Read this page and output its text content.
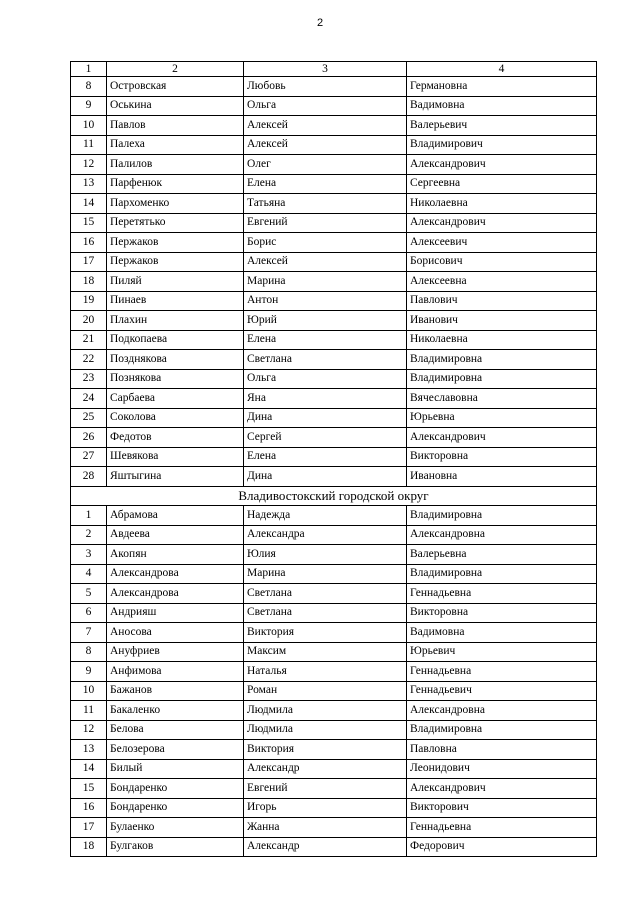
2
1	2	3	4
8	Островская	Любовь	Германовна
9	Оськина	Ольга	Вадимовна
10	Павлов	Алексей	Валерьевич
11	Палеха	Алексей	Владимирович
12	Палилов	Олег	Александрович
13	Парфенюк	Елена	Сергеевна
14	Пархоменко	Татьяна	Николаевна
15	Перетятько	Евгений	Александрович
16	Пержаков	Борис	Алексеевич
17	Пержаков	Алексей	Борисович
18	Пиляй	Марина	Алексеевна
19	Пинаев	Антон	Павлович
20	Плахин	Юрий	Иванович
21	Подкопаева	Елена	Николаевна
22	Позднякова	Светлана	Владимировна
23	Познякова	Ольга	Владимировна
24	Сарбаева	Яна	Вячеславовна
25	Соколова	Дина	Юрьевна
26	Федотов	Сергей	Александрович
27	Шевякова	Елена	Викторовна
28	Яштыгина	Дина	Ивановна
Владивостокский городской округ			
1	Абрамова	Надежда	Владимировна
2	Авдеева	Александра	Александровна
3	Акопян	Юлия	Валерьевна
4	Александрова	Марина	Владимировна
5	Александрова	Светлана	Геннадьевна
6	Андрияш	Светлана	Викторовна
7	Аносова	Виктория	Вадимовна
8	Ануфриев	Максим	Юрьевич
9	Анфимова	Наталья	Геннадьевна
10	Бажанов	Роман	Геннадьевич
11	Бакаленко	Людмила	Александровна
12	Белова	Людмила	Владимировна
13	Белозерова	Виктория	Павловна
14	Билый	Александр	Леонидович
15	Бондаренко	Евгений	Александрович
16	Бондаренко	Игорь	Викторович
17	Булаенко	Жанна	Геннадьевна
18	Булгаков	Александр	Федорович
